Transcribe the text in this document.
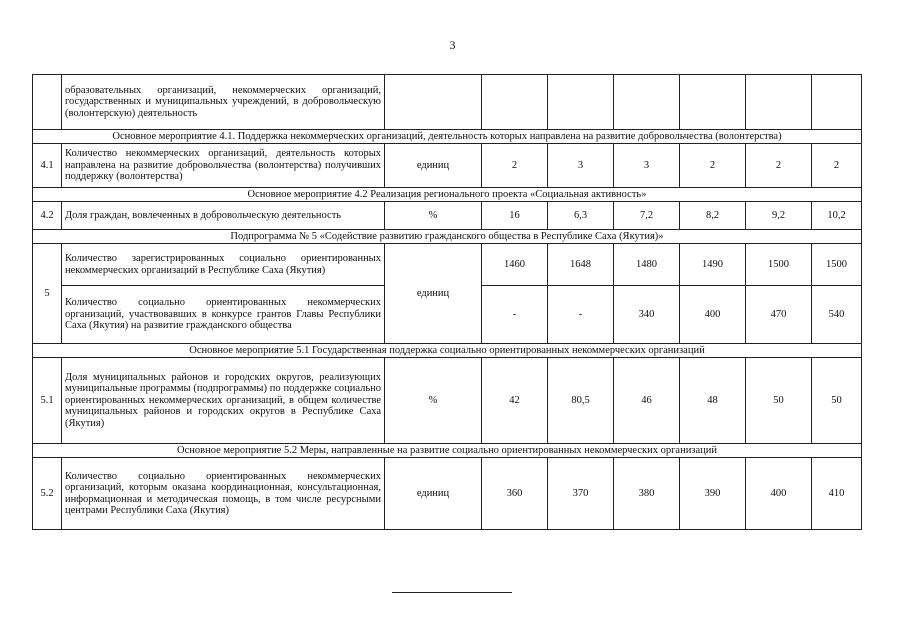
3
	образовательных организаций, некоммерческих организаций, государственных и муниципальных учреждений, в добровольческую (волонтерскую) деятельность							
Основное мероприятие 4.1. Поддержка некоммерческих организаций, деятельность которых направлена на развитие добровольчества (волонтерства)								
4.1	Количество некоммерческих организаций, деятельность которых направлена на развитие добровольчества (волонтерства) получивших поддержку (волонтерства)	единиц	2	3	3	2	2	2
Основное мероприятие 4.2 Реализация регионального проекта «Социальная активность»								
4.2	Доля граждан, вовлеченных в добровольческую деятельность	%	16	6,3	7,2	8,2	9,2	10,2
Подпрограмма № 5 «Содействие развитию гражданского общества в Республике Саха (Якутия)»								
5	Количество зарегистрированных социально ориентированных некоммерческих организаций в Республике Саха (Якутия)	единиц	1460	1648	1480	1490	1500	1500
	Количество социально ориентированных некоммерческих организаций, участвовавших в конкурсе грантов Главы Республики Саха (Якутия) на развитие гражданского общества		-	-	340	400	470	540
Основное мероприятие 5.1 Государственная поддержка социально ориентированных некоммерческих организаций								
5.1	Доля муниципальных районов и городских округов, реализующих муниципальные программы (подпрограммы) по поддержке социально ориентированных некоммерческих организаций, в общем количестве муниципальных районов и городских округов в Республике Саха (Якутия)	%	42	80,5	46	48	50	50
Основное мероприятие 5.2 Меры, направленные на развитие социально ориентированных некоммерческих организаций								
5.2	Количество социально ориентированных некоммерческих организаций, которым оказана координационная, консультационная, информационная и методическая помощь, в том числе ресурсными центрами Республики Саха (Якутия)	единиц	360	370	380	390	400	410
